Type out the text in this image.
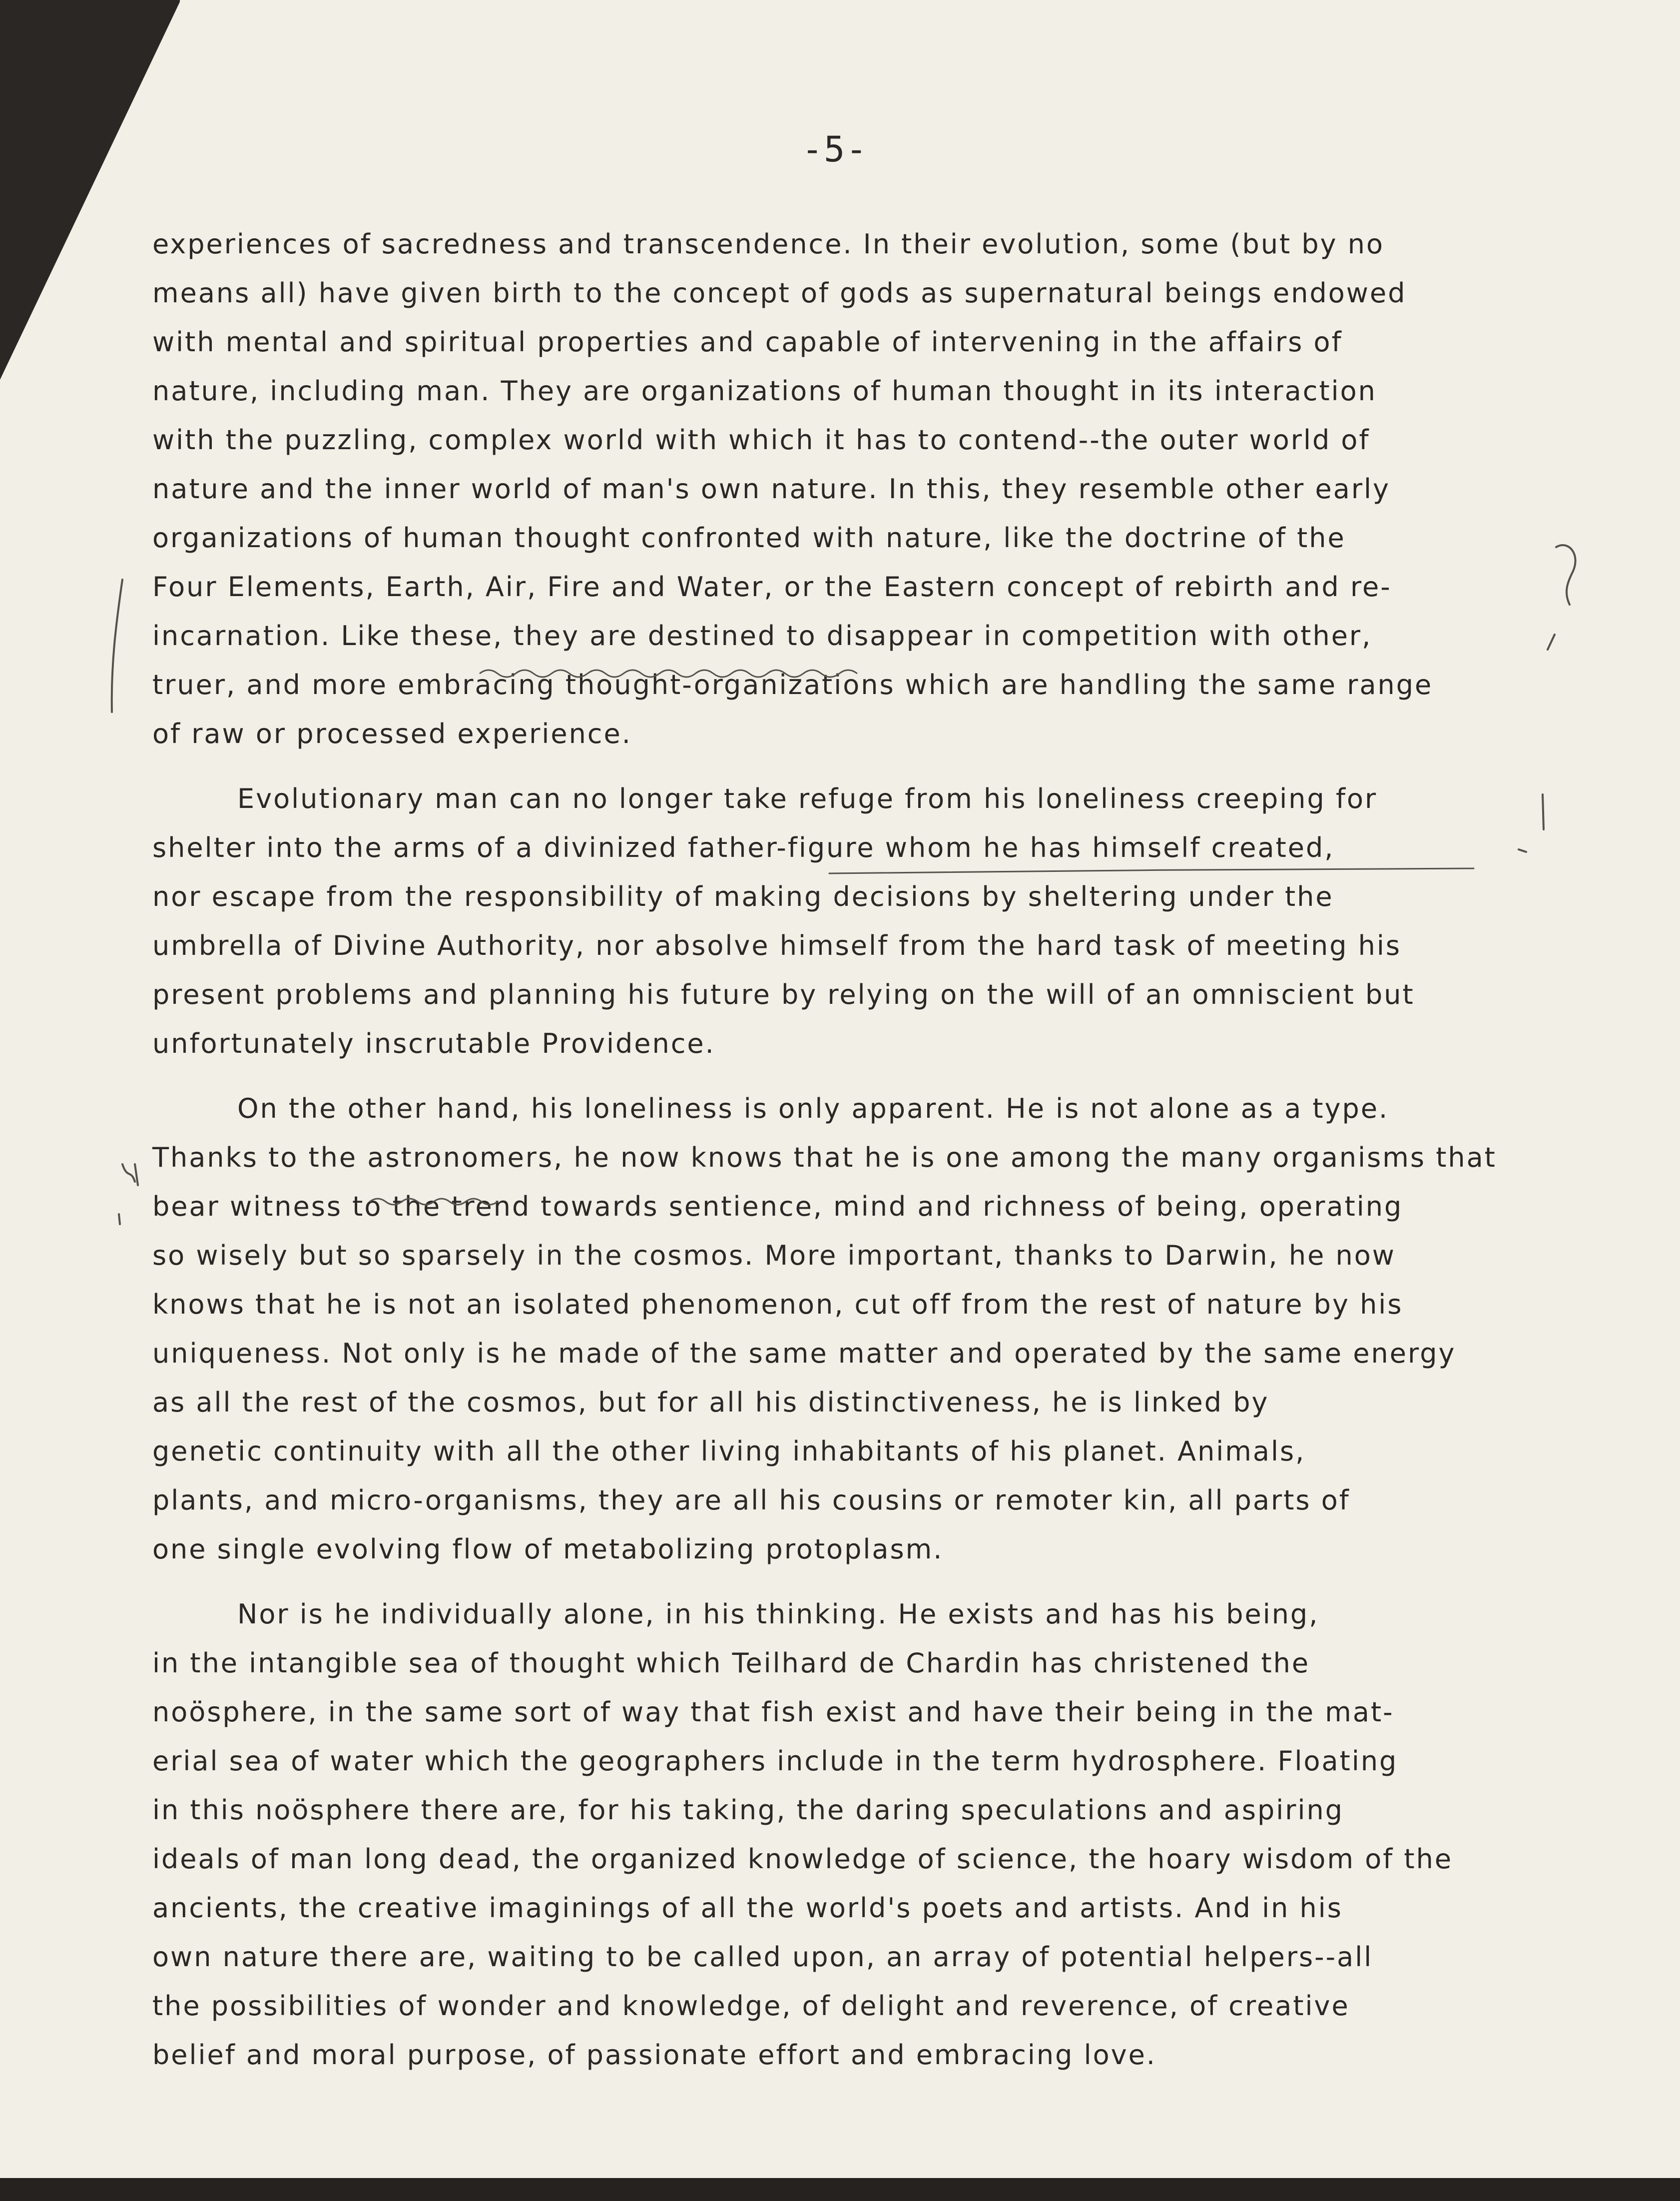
-5-
experiences of sacredness and transcendence. In their evolution, some (but by no
means all) have given birth to the concept of gods as supernatural beings endowed
with mental and spiritual properties and capable of intervening in the affairs of
nature, including man. They are organizations of human thought in its interaction
with the puzzling, complex world with which it has to contend--the outer world of
nature and the inner world of man's own nature. In this, they resemble other early
organizations of human thought confronted with nature, like the doctrine of the
Four Elements, Earth, Air, Fire and Water, or the Eastern concept of rebirth and re-
incarnation. Like these, they are destined to disappear in competition with other,
truer, and more embracing thought-organizations which are handling the same range
of raw or processed experience.
Evolutionary man can no longer take refuge from his loneliness creeping for
shelter into the arms of a divinized father-figure whom he has himself created,
nor escape from the responsibility of making decisions by sheltering under the
umbrella of Divine Authority, nor absolve himself from the hard task of meeting his
present problems and planning his future by relying on the will of an omniscient but
unfortunately inscrutable Providence.
On the other hand, his loneliness is only apparent. He is not alone as a type.
Thanks to the astronomers, he now knows that he is one among the many organisms that
bear witness to the trend towards sentience, mind and richness of being, operating
so wisely but so sparsely in the cosmos. More important, thanks to Darwin, he now
knows that he is not an isolated phenomenon, cut off from the rest of nature by his
uniqueness. Not only is he made of the same matter and operated by the same energy
as all the rest of the cosmos, but for all his distinctiveness, he is linked by
genetic continuity with all the other living inhabitants of his planet. Animals,
plants, and micro-organisms, they are all his cousins or remoter kin, all parts of
one single evolving flow of metabolizing protoplasm.
Nor is he individually alone, in his thinking. He exists and has his being,
in the intangible sea of thought which Teilhard de Chardin has christened the
noösphere, in the same sort of way that fish exist and have their being in the mat-
erial sea of water which the geographers include in the term hydrosphere. Floating
in this noösphere there are, for his taking, the daring speculations and aspiring
ideals of man long dead, the organized knowledge of science, the hoary wisdom of the
ancients, the creative imaginings of all the world's poets and artists. And in his
own nature there are, waiting to be called upon, an array of potential helpers--all
the possibilities of wonder and knowledge, of delight and reverence, of creative
belief and moral purpose, of passionate effort and embracing love.
